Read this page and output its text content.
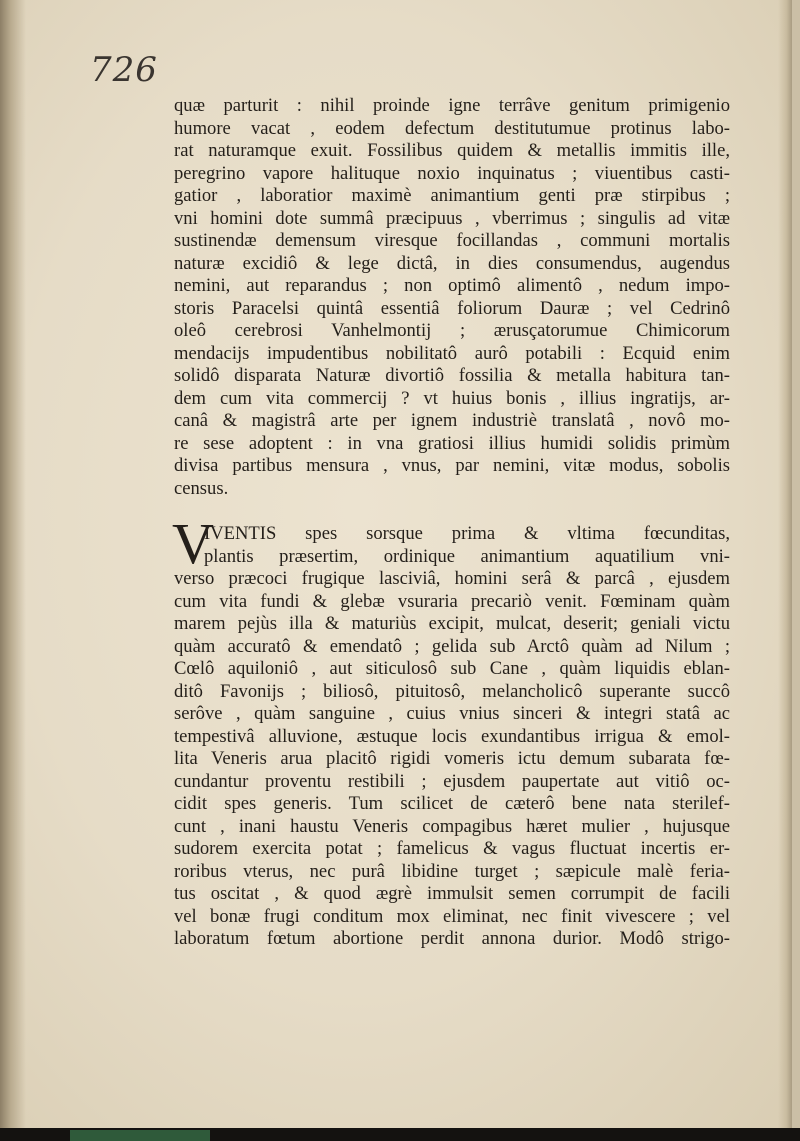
726
quæ parturit : nihil proinde igne terrâve genitum primigenio
humore vacat , eodem defectum destitutumue protinus labo-
rat naturamque exuit. Fossilibus quidem & metallis immitis ille,
peregrino vapore halituque noxio inquinatus ; viuentibus casti-
gatior , laboratior maximè animantium genti præ stirpibus ;
vni homini dote summâ præcipuus , vberrimus ; singulis ad vitæ
sustinendæ demensum viresque focillandas , communi mortalis
naturæ excidiô & lege dictâ, in dies consumendus, augendus
nemini, aut reparandus ; non optimô alimentô , nedum impo-
storis Paracelsi quintâ essentiâ foliorum Dauræ ; vel Cedrinô
oleô cerebrosi Vanhelmontij ; ærusçatorumue Chimicorum
mendacijs impudentibus nobilitatô aurô potabili : Ecquid enim
solidô disparata Naturæ divortiô fossilia & metalla habitura tan-
dem cum vita commercij ? vt huius bonis , illius ingratijs, ar-
canâ & magistrâ arte per ignem industriè translatâ , novô mo-
re sese adoptent : in vna gratiosi illius humidi solidis primùm
divisa partibus mensura , vnus, par nemini, vitæ modus, sobolis
census.
V
IVENTIS spes sorsque prima & vltima fœcunditas,
plantis præsertim, ordinique animantium aquatilium vni-
verso præcoci frugique lasciviâ, homini serâ & parcâ , ejusdem
cum vita fundi & glebæ vsuraria precariò venit. Fœminam quàm
marem pejùs illa & maturiùs excipit, mulcat, deserit; geniali victu
quàm accuratô & emendatô ; gelida sub Arctô quàm ad Nilum ;
Cœlô aquiloniô , aut siticulosô sub Cane , quàm liquidis eblan-
ditô Favonijs ; biliosô, pituitosô, melancholicô superante succô
serôve , quàm sanguine , cuius vnius sinceri & integri statâ ac
tempestivâ alluvione, æstuque locis exundantibus irrigua & emol-
lita Veneris arua placitô rigidi vomeris ictu demum subarata fœ-
cundantur proventu restibili ; ejusdem paupertate aut vitiô oc-
cidit spes generis. Tum scilicet de cæterô bene nata sterilef-
cunt , inani haustu Veneris compagibus hæret mulier , hujusque
sudorem exercita potat ; famelicus & vagus fluctuat incertis er-
roribus vterus, nec purâ libidine turget ; sæpicule malè feria-
tus oscitat , & quod ægrè immulsit semen corrumpit de facili
vel bonæ frugi conditum mox eliminat, nec finit vivescere ; vel
laboratum fœtum abortione perdit annona durior. Modô strigo-
